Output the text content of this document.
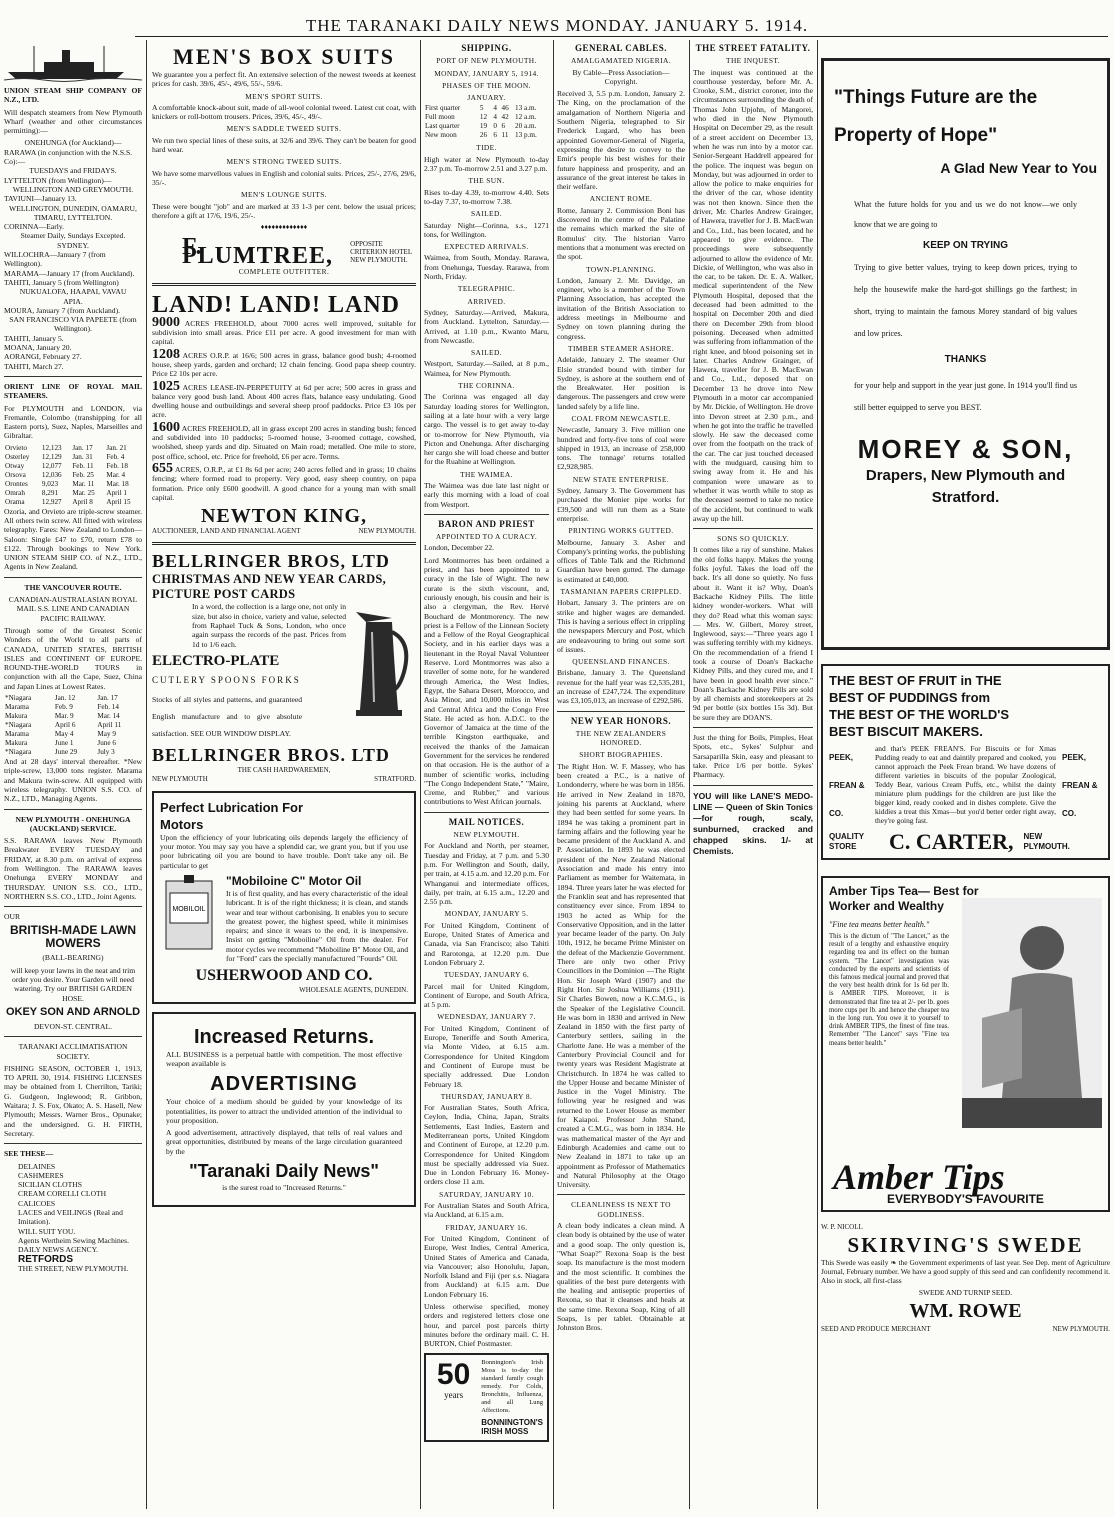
THE TARANAKI DAILY NEWS MONDAY. JANUARY 5. 1914.

UNION STEAM SHIP COMPANY OF N.Z., LTD.

Will despatch steamers from New Plymouth Wharf (weather and other circumstances permitting):—

ONEHUNGA (for Auckland)—
RARAWA (in conjunction with the N.S.S. Co):—
TUESDAYS and FRIDAYS.
LYTTELTON (from Wellington)—
WELLINGTON AND GREYMOUTH.
TAVIUNI—January 13.
WELLINGTON, DUNEDIN, OAMARU, TIMARU, LYTTELTON.
CORINNA—Early.
Steamer Daily, Sundays Excepted.
SYDNEY.
WILLOCHRA—January 7 (from Wellington).
MARAMA—January 17 (from Auckland).
TAHITI, January 5 (from Wellington)
NUKUALOFA, HAAPAI, VAVAU
APIA.
MOURA, January 7 (from Auckland).
SAN FRANCISCO VIA PAPEETE (from Wellington).
TAHITI, January 5.
MOANA, January 20.
AORANGI, February 27.
TAHITI, March 27.

ORIENT LINE OF ROYAL MAIL STEAMERS.

For PLYMOUTH and LONDON, via Fremantle, Colombo (transhipping for all Eastern ports), Suez, Naples, Marseilles and Gibraltar.

Orvieto	12,123	Jan. 17	Jan. 21
Osterley	12,129	Jan. 31	Feb. 4
Otway	12,077	Feb. 11	Feb. 18
Orsova	12,036	Feb. 25	Mar. 4
Orontes	9,023	Mar. 11	Mar. 18
Omrah	8,291	Mar. 25	April 1
Orama	12,927	April 8	April 15

Ozoria, and Orvieto are triple-screw steamer. All others twin screw. All fitted with wireless telegraphy. Fares: New Zealand to London—Saloon: Single £47 to £70, return £78 to £122. Through bookings to New York. UNION STEAM SHIP CO. of N.Z., LTD., Agents in New Zealand.

THE VANCOUVER ROUTE.

CANADIAN-AUSTRALASIAN ROYAL MAIL S.S. LINE AND CANADIAN PACIFIC RAILWAY.

Through some of the Greatest Scenic Wonders of the World to all parts of CANADA, UNITED STATES, BRITISH ISLES and CONTINENT OF EUROPE. ROUND-THE-WORLD TOURS in conjunction with all the Cape, Suez, China and Japan Lines at Lowest Rates.

*Niagara	Jan. 12	Jan. 17
Marama	Feb. 9	Feb. 14
Makura	Mar. 9	Mar. 14
*Niagara	April 6	April 11
Marama	May 4	May 9
Makura	June 1	June 6
*Niagara	June 29	July 3

And at 28 days' interval thereafter. *New triple-screw, 13,000 tons register. Marama and Makura twin-screw. All equipped with wireless telegraphy. UNION S.S. CO. of N.Z., LTD., Managing Agents.

NEW PLYMOUTH - ONEHUNGA (AUCKLAND) SERVICE.

S.S. RARAWA leaves New Plymouth Breakwater EVERY TUESDAY and FRIDAY, at 8.30 p.m. on arrival of express from Wellington. The RARAWA leaves Onehunga EVERY MONDAY and THURSDAY. UNION S.S. CO., LTD., NORTHERN S.S. CO., LTD., Joint Agents.

OUR

BRITISH-MADE LAWN MOWERS

(BALL-BEARING)

will keep your lawns in the neat and trim order you desire. Your Garden will need watering. Try our BRITISH GARDEN HOSE.

OKEY SON AND ARNOLD

DEVON-ST. CENTRAL.

TARANAKI ACCLIMATISATION SOCIETY.

FISHING SEASON, OCTOBER 1, 1913, TO APRIL 30, 1914. FISHING LICENSES may be obtained from I. Cherrilton, Tariki; G. Gudgeon, Inglewood; R. Gribbon, Waitara; J. S. Fox, Okato; A. S. Hasell, New Plymouth; Messrs. Warner Bros., Opunake; and the undersigned. G. H. FIRTH, Secretary.

SEE THESE—

DELAINES
CASHMERES
SICILIAN CLOTHS
CREAM CORELLI CLOTH
CALICOES
LACES and VEILINGS (Real and Imitation).
WILL SUIT YOU.
Agents Wertheim Sewing Machines.
DAILY NEWS AGENCY.
RETFORDS
THE STREET, NEW PLYMOUTH.
MEN'S BOX SUITS

We guarantee you a perfect fit. An extensive selection of the newest tweeds at keenest prices for cash. 39/6, 45/-, 49/6, 55/-, 59/6.

MEN'S SPORT SUITS.

A comfortable knock-about suit, made of all-wool colonial tweed. Latest cut coat, with knickers or roll-bottom trousers. Prices, 39/6, 45/-, 49/-.

MEN'S SADDLE TWEED SUITS.

We run two special lines of these suits, at 32/6 and 39/6. They can't be beaten for good hard wear.

MEN'S STRONG TWEED SUITS.

We have some marvellous values in English and colonial suits. Prices, 25/-, 27/6, 29/6, 35/-.

MEN'S LOUNGE SUITS.

These were bought "job" and are marked at 33 1-3 per cent. below the usual prices; therefore a gift at 17/6, 19/6, 25/-.

♦♦♦♦♦♦♦♦♦♦♦♦♦
F. PLUMTREE,	OPPOSITE CRITERION HOTEL NEW PLYMOUTH.
COMPLETE OUTFITTER.
LAND! LAND! LAND

9000 ACRES FREEHOLD, about 7000 acres well improved, suitable for subdivision into small areas. Price £11 per acre. A good investment for man with capital.

1208 ACRES O.R.P. at 16/6; 500 acres in grass, balance good bush; 4-roomed house, sheep yards, garden and orchard; 12 chain fencing. Good papa sheep country. Price £2 10s per acre.

1025 ACRES LEASE-IN-PERPETUITY at 6d per acre; 500 acres in grass and balance very good bush land. About 400 acres flats, balance easy undulating. Good dwelling house and outbuildings and several sheep proof paddocks. Price £3 10s per acre.

1600 ACRES FREEHOLD, all in grass except 200 acres in standing bush; fenced and subdivided into 10 paddocks; 5-roomed house, 3-roomed cottage, cowshed, woolshed, sheep yards and dip. Situated on Main road; metalled. One mile to store, post office, school, etc. Price for freehold, £6 per acre. Terms.

655 ACRES, O.R.P., at £1 8s 6d per acre; 240 acres felled and in grass; 10 chains fencing; where formed road to property. Very good, easy sheep country, on papa formation. Price only £600 goodwill. A good chance for a young man with small capital.

NEWTON KING,
AUCTIONEER, LAND AND FINANCIAL AGENT	NEW PLYMOUTH.
BELLRINGER BROS, LTD
CHRISTMAS AND NEW YEAR CARDS, PICTURE POST CARDS

In a word, the collection is a large one, not only in size, but also in choice, variety and value, selected from Raphael Tuck & Sons, London, who once again surpass the records of the past. Prices from 1d to 1/6 each.

ELECTRO-PLATE
CUTLERY SPOONS FORKS

Stocks of all styles and patterns, and guaranteed English manufacture and to give absolute satisfaction. SEE OUR WINDOW DISPLAY.

BELLRINGER BROS. LTD
THE CASH HARDWAREMEN,
NEW PLYMOUTH	STRATFORD.
Perfect Lubrication For Motors

Upon the efficiency of your lubricating oils depends largely the efficiency of your motor. You may say you have a splendid car, we grant you, but if you use poor lubricating oil you are bound to have trouble. Don't take any oil. Be particular to get

MOBILOIL
"Mobiloine C" Motor Oil

It is of first quality, and has every characteristic of the ideal lubricant. It is of the right thickness; it is clean, and stands wear and tear without carbonising. It enables you to secure the greatest power, the highest speed, while it minimises repairs; and since it wears to the end, it is inexpensive. Insist on getting "Moboiline" Oil from the dealer. For motor cycles we recommend "Moboiline B" Motor Oil, and for "Ford" cars the specially manufactured "Fourds" Oil.

USHERWOOD AND CO.
WHOLESALE AGENTS, DUNEDIN.
Increased Returns.

ALL BUSINESS is a perpetual battle with competition. The most effective weapon available is

ADVERTISING

Your choice of a medium should be guided by your knowledge of its potentialities, its power to attract the undivided attention of the individual to your proposition.

A good advertisement, attractively displayed, that tells of real values and great opportunities, distributed by means of the large circulation guaranteed by the

"Taranaki Daily News"

is the surest road to "Increased Returns."

SHIPPING.
PORT OF NEW PLYMOUTH.
MONDAY, JANUARY 5, 1914.
PHASES OF THE MOON.
JANUARY.
First quarter	5	4	46	13 a.m.
Full moon	12	4	42	12 a.m.
Last quarter	19	0	6	20 a.m.
New moon	26	6	11	13 p.m.
TIDE.

High water at New Plymouth to-day 2.37 p.m. To-morrow 2.51 and 3.27 p.m.

THE SUN.

Rises to-day 4.39, to-morrow 4.40. Sets to-day 7.37, to-morrow 7.38.

SAILED.

Saturday Night—Corinna, s.s., 1271 tons, for Wellington.

EXPECTED ARRIVALS.

Waimea, from South, Monday. Rarawa, from Onehunga, Tuesday. Rarawa, from North, Friday.

TELEGRAPHIC.
ARRIVED.

Sydney, Saturday.—Arrived, Makura, from Auckland. Lyttelton, Saturday.—Arrived, at 1.10 p.m., Kwanto Maru, from Newcastle.

SAILED.

Westport, Saturday.—Sailed, at 8 p.m., Waimea, for New Plymouth.

THE CORINNA.

The Corinna was engaged all day Saturday loading stores for Wellington, sailing at a late hour with a very large cargo. The vessel is to get away to-day or to-morrow for New Plymouth, via Picton and Onehunga. After discharging her cargo she will load cheese and butter for the Ruahine at Wellington.

THE WAIMEA.

The Waimea was due late last night or early this morning with a load of coal from Westport.

BARON AND PRIEST
APPOINTED TO A CURACY.

London, December 22.

Lord Montmorres has been ordained a priest, and has been appointed to a curacy in the Isle of Wight. The new curate is the sixth viscount, and, curiously enough, his cousin and heir is also a clergyman, the Rev. Hervé Bouchard de Montmorency. The new priest is a Fellow of the Linnean Society and a Fellow of the Royal Geographical Society, and in his earlier days was a lieutenant in the Royal Naval Volunteer Reserve. Lord Montmorres was also a traveller of some note, for he wandered through America, the West Indies, Egypt, the Sahara Desert, Morocco, and Asia Minor, and 10,000 miles in West and Central Africa and the Congo Free State. He acted as hon. A.D.C. to the Governor of Jamaica at the time of the terrible Kingston earthquake, and received the thanks of the Jamaican Government for the services he rendered on that occasion. He is the author of a number of scientific works, including "The Congo Independent State," "Maire, Creme, and Rubber," and various contributions to West African journals.

MAIL NOTICES.
NEW PLYMOUTH.

For Auckland and North, per steamer, Tuesday and Friday, at 7 p.m. and 5.30 p.m. For Wellington and South, daily, per train, at 4.15 a.m. and 12.20 p.m. For Whanganui and intermediate offices, daily, per train, at 6.15 a.m., 12.20 and 2.55 p.m.

MONDAY, JANUARY 5.

For United Kingdom, Continent of Europe, United States of America and Canada, via San Francisco; also Tahiti and Rarotonga, at 12.20 p.m. Due London February 2.

TUESDAY, JANUARY 6.

Parcel mail for United Kingdom, Continent of Europe, and South Africa, at 5 p.m.

WEDNESDAY, JANUARY 7.

For United Kingdom, Continent of Europe, Teneriffe and South America, via Monte Video, at 6.15 a.m. Correspondence for United Kingdom and Continent of Europe must be specially addressed. Due London February 18.

THURSDAY, JANUARY 8.

For Australian States, South Africa, Ceylon, India, China, Japan, Straits Settlements, East Indies, Eastern and Mediterranean ports, United Kingdom and Continent of Europe, at 12.20 p.m. Correspondence for United Kingdom must be specially addressed via Suez. Due in London February 16. Money-orders close 11 a.m.

SATURDAY, JANUARY 10.

For Australian States and South Africa, via Auckland, at 6.15 a.m.

FRIDAY, JANUARY 16.

For United Kingdom, Continent of Europe, West Indies, Central America, United States of America and Canada, via Vancouver; also Honolulu, Japan, Norfolk Island and Fiji (per s.s. Niagara from Auckland) at 6.15 a.m. Due London February 16.

Unless otherwise specified, money orders and registered letters close one hour, and parcel post parcels thirty minutes before the ordinary mail. C. H. BURTON, Chief Postmaster.

50
years

Bonnington's Irish Moss is to-day the standard family cough remedy. For Colds, Bronchitis, Influenza, and all Lung Affections.

BONNINGTON'S
IRISH MOSS
GENERAL CABLES.
AMALGAMATED NIGERIA.

By Cable—Press Association—Copyright.

Received 3, 5.5 p.m. London, January 2. The King, on the proclamation of the amalgamation of Northern Nigeria and Southern Nigeria, telegraphed to Sir Frederick Lugard, who has been appointed Governor-General of Nigeria, expressing the desire to convey to the Emir's people his best wishes for their future happiness and prosperity, and an assurance of the great interest he takes in their welfare.

ANCIENT ROME.

Rome, January 2. Commission Boni has discovered in the centre of the Palatine the remains which marked the site of Romulus' city. The historian Varro mentions that a monument was erected on the spot.

TOWN-PLANNING.

London, January 2. Mr. Davidge, an engineer, who is a member of the Town Planning Association, has accepted the invitation of the British Association to address meetings in Melbourne and Sydney on town planning during the congress.

TIMBER STEAMER ASHORE.

Adelaide, January 2. The steamer Our Elsie stranded bound with timber for Sydney, is ashore at the southern end of the Breakwater. Her position is dangerous. The passengers and crew were landed safely by a life line.

COAL FROM NEWCASTLE.

Newcastle, January 3. Five million one hundred and forty-five tons of coal were shipped in 1913, an increase of 258,000 tons. The tonnage' returns totalled £2,928,985.

NEW STATE ENTERPRISE.

Sydney, January 3. The Government has purchased the Monier pipe works for £39,500 and will run them as a State enterprise.

PRINTING WORKS GUTTED.

Melbourne, January 3. Asher and Company's printing works, the publishing offices of Table Talk and the Richmond Guardian have been gutted. The damage is estimated at £40,000.

TASMANIAN PAPERS CRIPPLED.

Hobart, January 3. The printers are on strike and higher wages are demanded. This is having a serious effect in crippling the newspapers Mercury and Post, which are endeavouring to bring out some sort of issues.

QUEENSLAND FINANCES.

Brisbane, January 3. The Queensland revenue for the half year was £2,535,281, an increase of £247,724. The expenditure was £3,105,013, an increase of £292,586.

NEW YEAR HONORS.
THE NEW ZEALANDERS HONORED.
SHORT BIOGRAPHIES.

The Right Hon. W. F. Massey, who has been created a P.C., is a native of Londonderry, where he was born in 1856. He arrived in New Zealand in 1870, joining his parents at Auckland, where they had been settled for some years. In 1894 he was taking a prominent part in farming affairs and the following year he became president of the Auckland A. and P. Association. In 1893 he was elected president of the New Zealand National Association and made his entry into Parliament as member for Waitemata, in 1894. Three years later he was elected for the Franklin seat and has represented that constituency ever since. From 1894 to 1903 he acted as Whip for the Conservative Opposition, and in the latter year became leader of the party. On July 10th, 1912, he became Prime Minister on the defeat of the Mackenzie Government. There are only two other Privy Councillors in the Dominion —The Right Hon. Sir Joseph Ward (1907) and the Right Hon. Sir Joshua Williams (1911). Sir Charles Bowen, now a K.C.M.G., is the Speaker of the Legislative Council. He was born in 1830 and arrived in New Zealand in 1850 with the first party of Canterbury settlers, sailing in the Charlotte Jane. He was a member of the Canterbury Provincial Council and for twenty years was Resident Magistrate at Christchurch. In 1874 he was called to the Upper House and became Minister of Justice in the Vogel Ministry. The following year he resigned and was returned to the Lower House as member for Kaiapoi. Professor John Shand, created a C.M.G., was born in 1834. He was mathematical master of the Ayr and Edinburgh Academies and came out to New Zealand in 1871 to take up an appointment as Professor of Mathematics and Natural Philosophy at the Otago University.

CLEANLINESS IS NEXT TO GODLINESS.

A clean body indicates a clean mind. A clean body is obtained by the use of water and a good soap. The only question is, "What Soap?" Rexona Soap is the best soap. Its manufacture is the most modern and the most scientific. It combines the qualities of the best pure detergents with the healing and antiseptic properties of Rexona, so that it cleanses and heals at the same time. Rexona Soap, King of all Soaps, 1s per tablet. Obtainable at Johnston Bros.

THE STREET FATALITY.
THE INQUEST.

The inquest was continued at the courthouse yesterday, before Mr. A. Crooke, S.M., district coroner, into the circumstances surrounding the death of Thomas John Upjohn, of Mangorei, who died in the New Plymouth Hospital on December 29, as the result of a street accident on December 13, when he was run into by a motor car. Senior-Sergeant Haddrell appeared for the police. The inquest was begun on Monday, but was adjourned in order to allow the police to make enquiries for the driver of the car, whose identity was not then known. Since then the driver, Mr. Charles Andrew Grainger, of Hawera, traveller for J. B. MacEwan and Co., Ltd., has been located, and he appeared to give evidence. The proceedings were subsequently adjourned to allow the evidence of Mr. Dickie, of Wellington, who was also in the car, to be taken. Dr. E. A. Walker, medical superintendent of the New Plymouth Hospital, deposed that the deceased had been admitted to the hospital on December 20th and died there on December 29th from blood poisoning. Deceased when admitted was suffering from inflammation of the right knee, and blood poisoning set in later. Charles Andrew Grainger, of Hawera, traveller for J. B. MacEwan and Co., Ltd., deposed that on December 13 he drove into New Plymouth in a motor car accompanied by Mr. Dickie, of Wellington. He drove into Devon street at 2.30 p.m., and when he got into the traffic he travelled slowly. He saw the deceased come over from the footpath on the track of the car. The car just touched deceased with the mudguard, causing him to swing away from it. He and his companion were unaware as to whether it was worth while to stop as the deceased seemed to take no notice of the accident, but continued to walk away up the hill.

SONS SO QUICKLY.

It comes like a ray of sunshine. Makes the old folks happy. Makes the young folks joyful. Takes the load off the back. It's all done so quietly. No fuss about it. Want it is? Why, Doan's Backache Kidney Pills. The little kidney wonder-workers. What will they do? Read what this woman says:— Mrs. W. Gilbert, Morey street, Inglewood, says:—"Three years ago I was suffering terribly with my kidneys. On the recommendation of a friend I took a course of Doan's Backache Kidney Pills, and they cured me, and I have been in good health ever since." Doan's Backache Kidney Pills are sold by all chemists and storekeepers at 2s 9d per bottle (six bottles 15s 3d). But be sure they are DOAN'S.

Just the thing for Boils, Pimples, Heat Spots, etc., Sykes' Sulphur and Sarsaparilla Skin, easy and pleasant to take. Price 1/6 per bottle. Sykes' Pharmacy.

YOU will like LANE'S MEDO-LINE — Queen of Skin Tonics—for rough, scaly, sunburned, cracked and chapped skins. 1/- at Chemists.

"Things Future are the Property of Hope"
A Glad New Year to You

What the future holds for you and us we do not know—we only know that we are going to

KEEP ON TRYING

Trying to give better values, trying to keep down prices, trying to help the housewife make the hard-got shillings go the farthest; in short, trying to maintain the famous Morey standard of big values and low prices.

THANKS

for your help and support in the year just gone. In 1914 you'll find us still better equipped to serve you BEST.

MOREY & SON,
Drapers, New Plymouth and Stratford.
THE BEST OF FRUIT in THE BEST OF PUDDINGS from THE BEST OF THE WORLD'S BEST BISCUIT MAKERS.
PEEK, FREAN & CO.

and that's PEEK FREAN'S. For Biscuits or for Xmas Pudding ready to eat and daintily prepared and cooked, you cannot approach the Peek Frean brand. We have dozens of different varieties in biscuits of the popular Zoological, Teddy Bear, various Cream Puffs, etc., whilst the dainty miniature plum puddings for the children are just like the bigger kind, ready cooked and in dishes complete. Give the kiddies a treat this Xmas—but you'd better order right away, they're going fast.

PEEK, FREAN & CO.
QUALITY STORE	C. CARTER, NEW PLYMOUTH.
Amber Tips Tea— Best for Worker and Wealthy

"Fine tea means better health."

This is the dictum of "The Lancet," as the result of a lengthy and exhaustive enquiry regarding tea and its effect on the human system. "The Lancet" investigation was conducted by the experts and scientists of this famous medical journal and proved that the very best health drink for 1s 6d per lb. is AMBER TIPS. Moreover, it is demonstrated that fine tea at 2/- per lb. goes more cups per lb. and hence the cheaper tea in the long run. You owe it to yourself to drink AMBER TIPS, the finest of fine teas. Remember "The Lancet" says "Fine tea means better health."

Amber Tips
EVERYBODY'S FAVOURITE
W. P. NICOLL
SKIRVING'S SWEDE

This Swede was easily ❧ the Government experiments of last year. See Dep. ment of Agriculture Journal, February number. We have a good supply of this seed and can confidently recommend it. Also in stock, all first-class

SWEDE AND TURNIP SEED.
WM. ROWE
SEED AND PRODUCE MERCHANT	NEW PLYMOUTH.
